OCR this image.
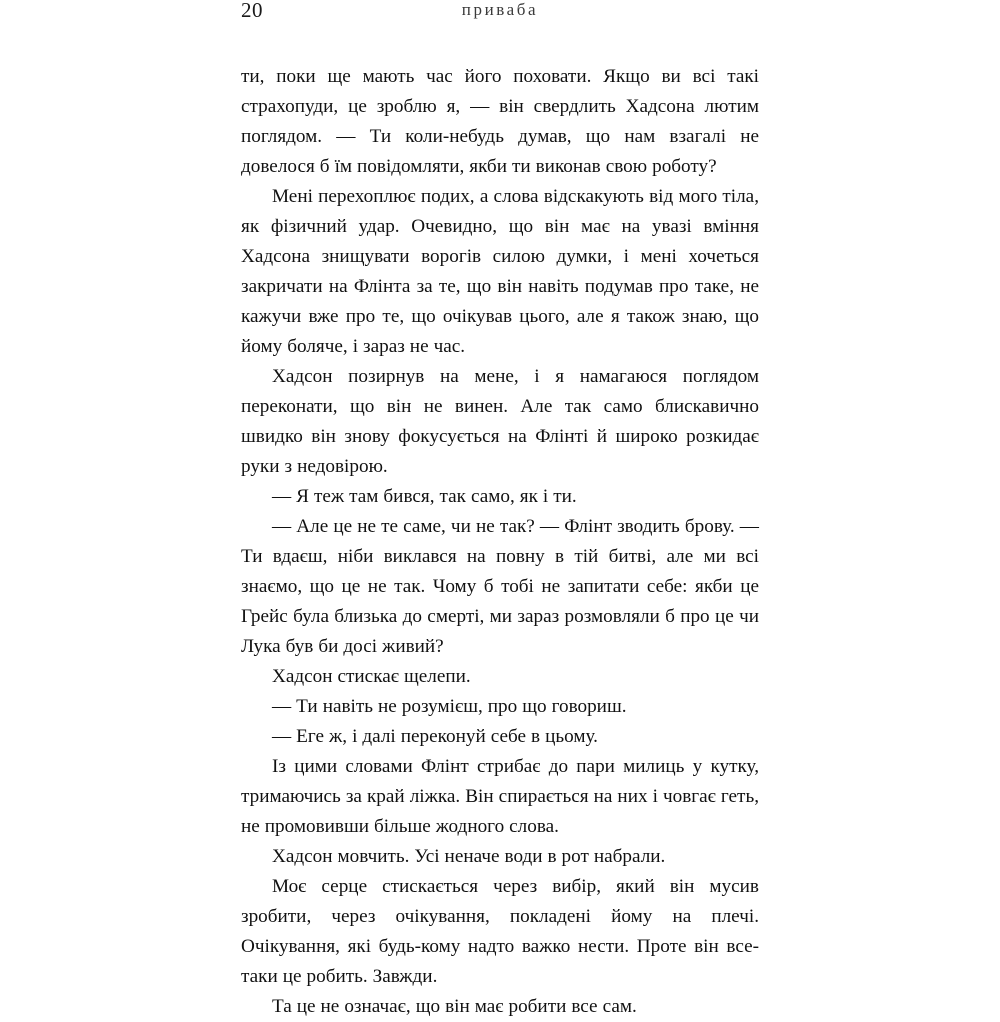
20	приваба

ти, поки ще мають час його поховати. Якщо ви всі такі страхопуди, це зроблю я, — він свердлить Хадсона лютим поглядом. — Ти коли-небудь думав, що нам взагалі не довелося б їм повідомляти, якби ти виконав свою роботу?

Мені перехоплює подих, а слова відскакують від мого тіла, як фізичний удар. Очевидно, що він має на увазі вміння Хадсона знищувати ворогів силою думки, і мені хочеться закричати на Флінта за те, що він навіть подумав про таке, не кажучи вже про те, що очікував цього, але я також знаю, що йому боляче, і зараз не час.

Хадсон позирнув на мене, і я намагаюся поглядом переконати, що він не винен. Але так само блискавично швидко він знову фокусується на Флінті й широко розкидає руки з недовірою.

— Я теж там бився, так само, як і ти.

— Але це не те саме, чи не так? — Флінт зводить брову. — Ти вдаєш, ніби виклався на повну в тій битві, але ми всі знаємо, що це не так. Чому б тобі не запитати себе: якби це Грейс була близька до смерті, ми зараз розмовляли б про це чи Лука був би досі живий?

Хадсон стискає щелепи.

— Ти навіть не розумієш, про що говориш.

— Еге ж, і далі переконуй себе в цьому.

Із цими словами Флінт стрибає до пари милиць у кутку, тримаючись за край ліжка. Він спирається на них і човгає геть, не промовивши більше жодного слова.

Хадсон мовчить. Усі неначе води в рот набрали.

Моє серце стискається через вибір, який він мусив зробити, через очікування, покладені йому на плечі. Очікування, які будь-кому надто важко нести. Проте він все-таки це робить. Завжди.

Та це не означає, що він має робити все сам.
